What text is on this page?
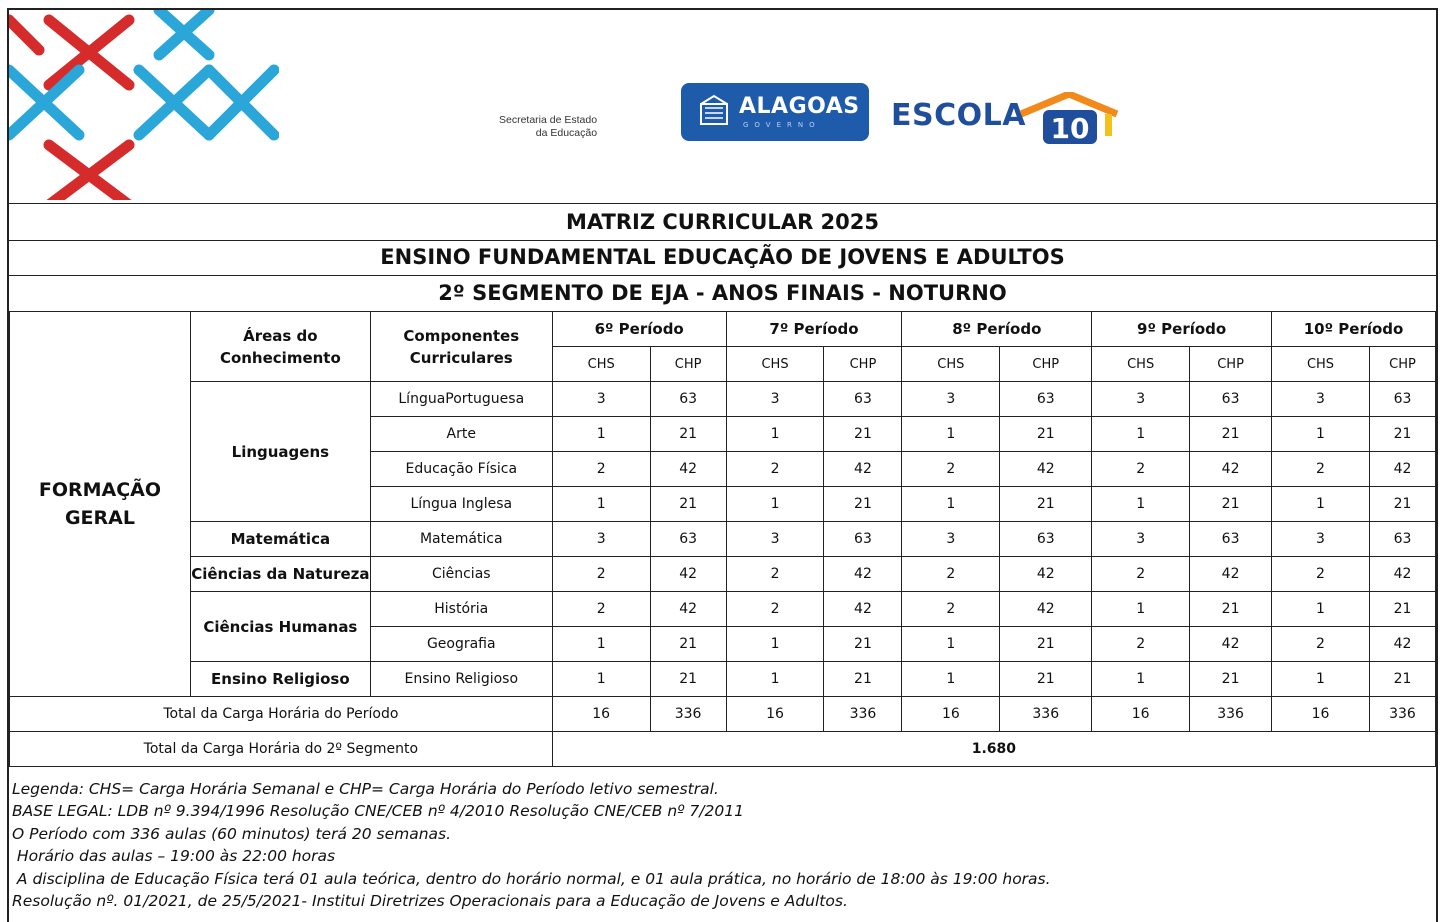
Secretaria de Estado
da Educação
ALAGOAS
GOVERNO ESCOLA 10
MATRIZ CURRICULAR 2025
ENSINO FUNDAMENTAL EDUCAÇÃO DE JOVENS E ADULTOS
2º SEGMENTO DE EJA - ANOS FINAIS - NOTURNO
FORMAÇÃO GERAL	Áreas do Conhecimento	Componentes Curriculares	6º Período		7º Período		8º Período		9º Período		10º Período	
			CHS	CHP	CHS	CHP	CHS	CHP	CHS	CHP	CHS	CHP
	Linguagens	LínguaPortuguesa	3	63	3	63	3	63	3	63	3	63
		Arte	1	21	1	21	1	21	1	21	1	21
		Educação Física	2	42	2	42	2	42	2	42	2	42
		Língua Inglesa	1	21	1	21	1	21	1	21	1	21
	Matemática	Matemática	3	63	3	63	3	63	3	63	3	63
	Ciências da Natureza	Ciências	2	42	2	42	2	42	2	42	2	42
	Ciências Humanas	História	2	42	2	42	2	42	1	21	1	21
		Geografia	1	21	1	21	1	21	2	42	2	42
	Ensino Religioso	Ensino Religioso	1	21	1	21	1	21	1	21	1	21
Total da Carga Horária do Período			16	336	16	336	16	336	16	336	16	336
Total da Carga Horária do 2º Segmento			1.680									
Legenda: CHS= Carga Horária Semanal e CHP= Carga Horária do Período letivo semestral.
BASE LEGAL: LDB nº 9.394/1996 Resolução CNE/CEB nº 4/2010 Resolução CNE/CEB nº 7/2011
O Período com 336 aulas (60 minutos) terá 20 semanas.
Horário das aulas – 19:00 às 22:00 horas
A disciplina de Educação Física terá 01 aula teórica, dentro do horário normal, e 01 aula prática, no horário de 18:00 às 19:00 horas.
Resolução nº. 01/2021, de 25/5/2021- Institui Diretrizes Operacionais para a Educação de Jovens e Adultos.
